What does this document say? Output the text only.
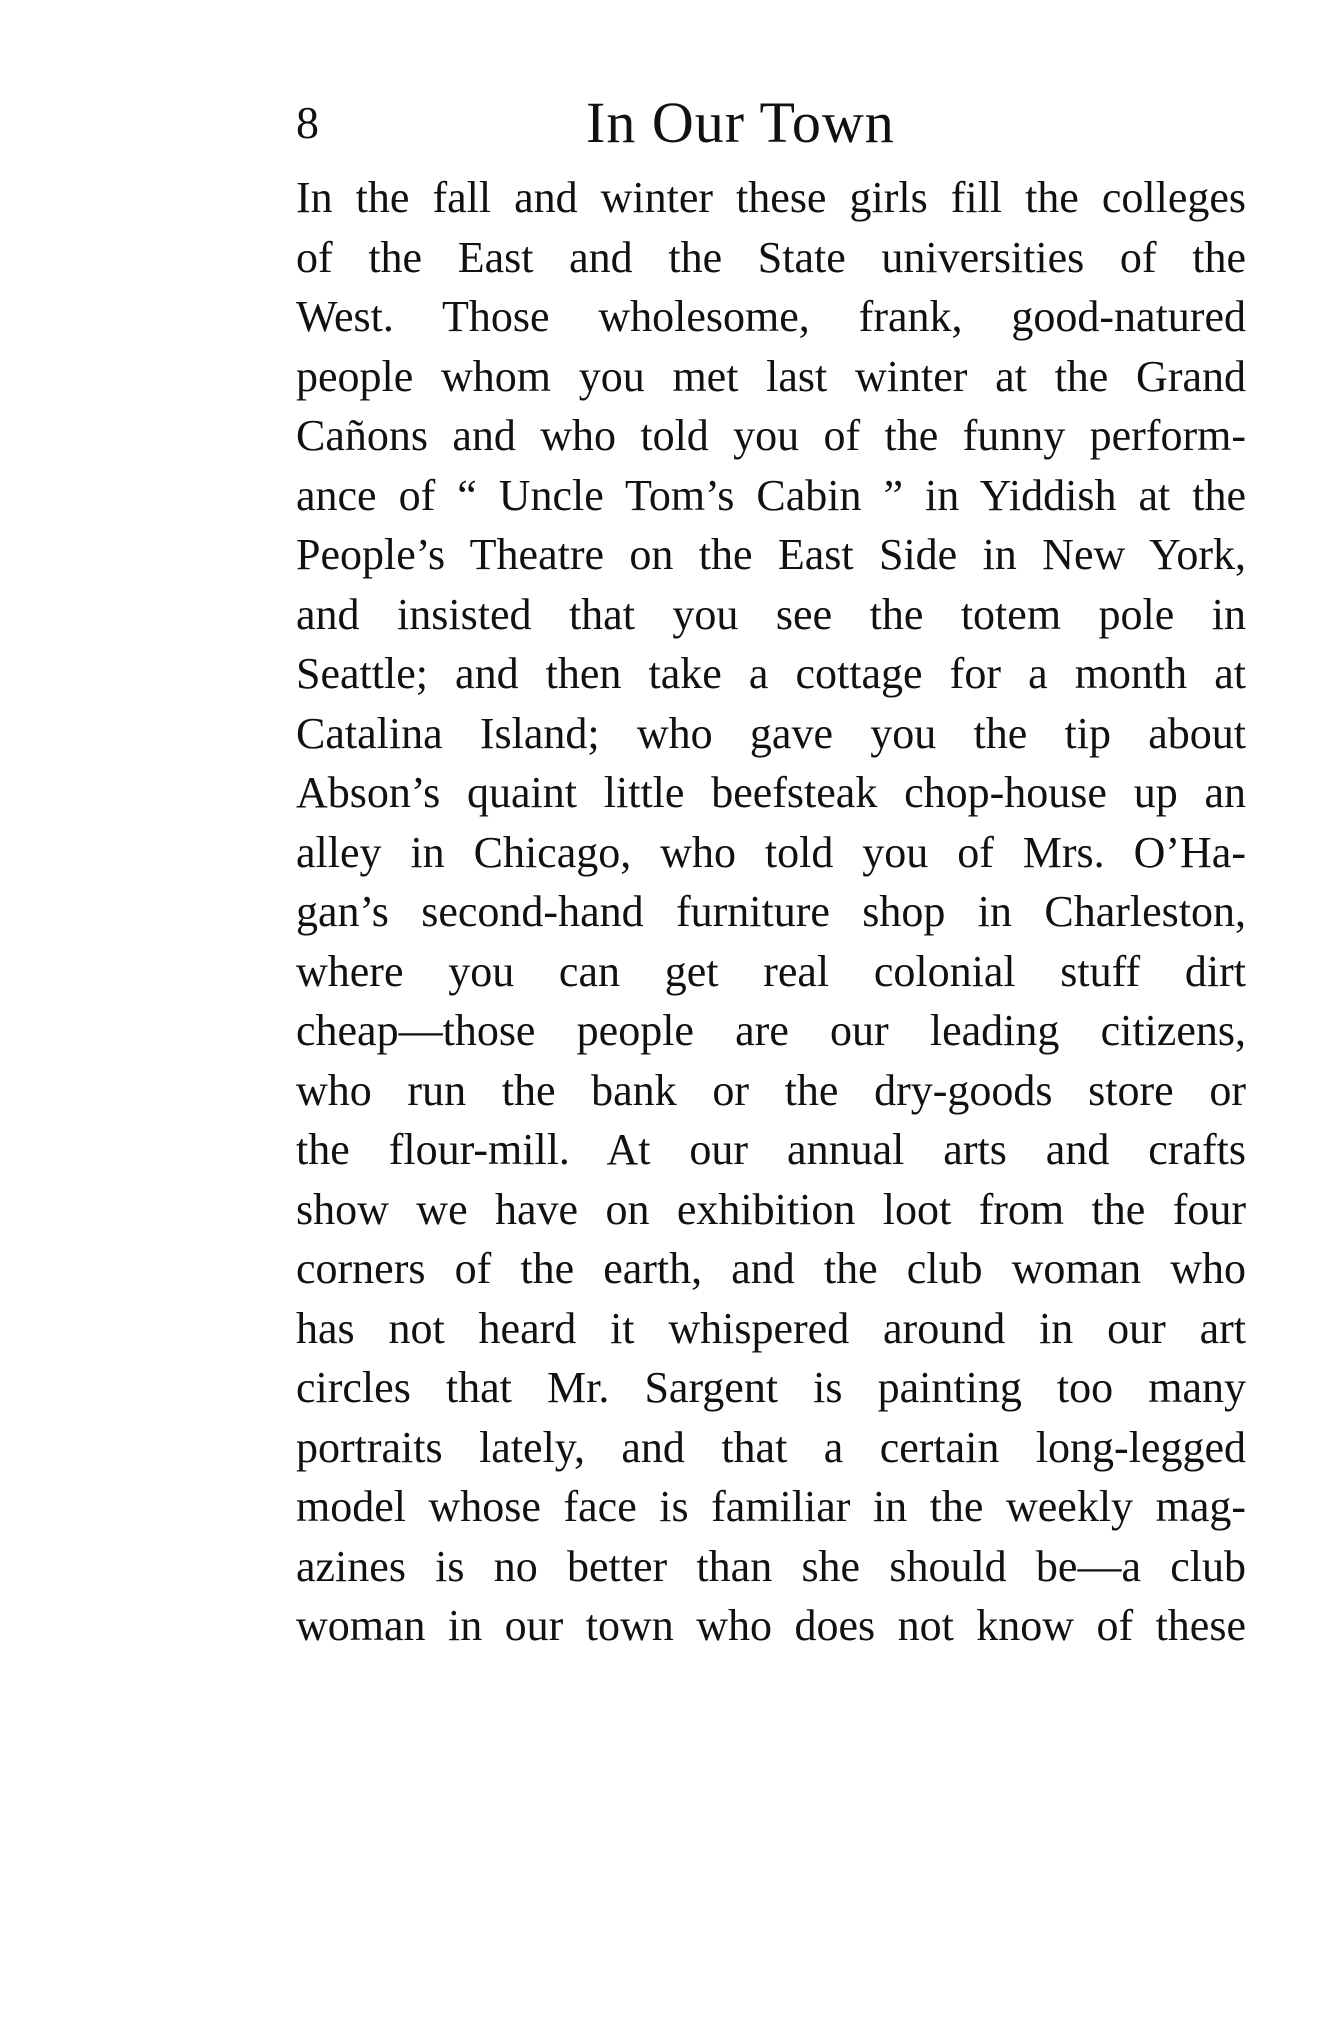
8	In Our Town
In the fall and winter these girls fill the colleges
of the East and the State universities of the
West. Those wholesome, frank, good-natured
people whom you met last winter at the Grand
Cañons and who told you of the funny perform-
ance of “ Uncle Tom’s Cabin ” in Yiddish at the
People’s Theatre on the East Side in New York,
and insisted that you see the totem pole in
Seattle; and then take a cottage for a month at
Catalina Island; who gave you the tip about
Abson’s quaint little beefsteak chop-house up an
alley in Chicago, who told you of Mrs. O’Ha-
gan’s second-hand furniture shop in Charleston,
where you can get real colonial stuff dirt
cheap—those people are our leading citizens,
who run the bank or the dry-goods store or
the flour-mill. At our annual arts and crafts
show we have on exhibition loot from the four
corners of the earth, and the club woman who
has not heard it whispered around in our art
circles that Mr. Sargent is painting too many
portraits lately, and that a certain long-legged
model whose face is familiar in the weekly mag-
azines is no better than she should be—a club
woman in our town who does not know of these
